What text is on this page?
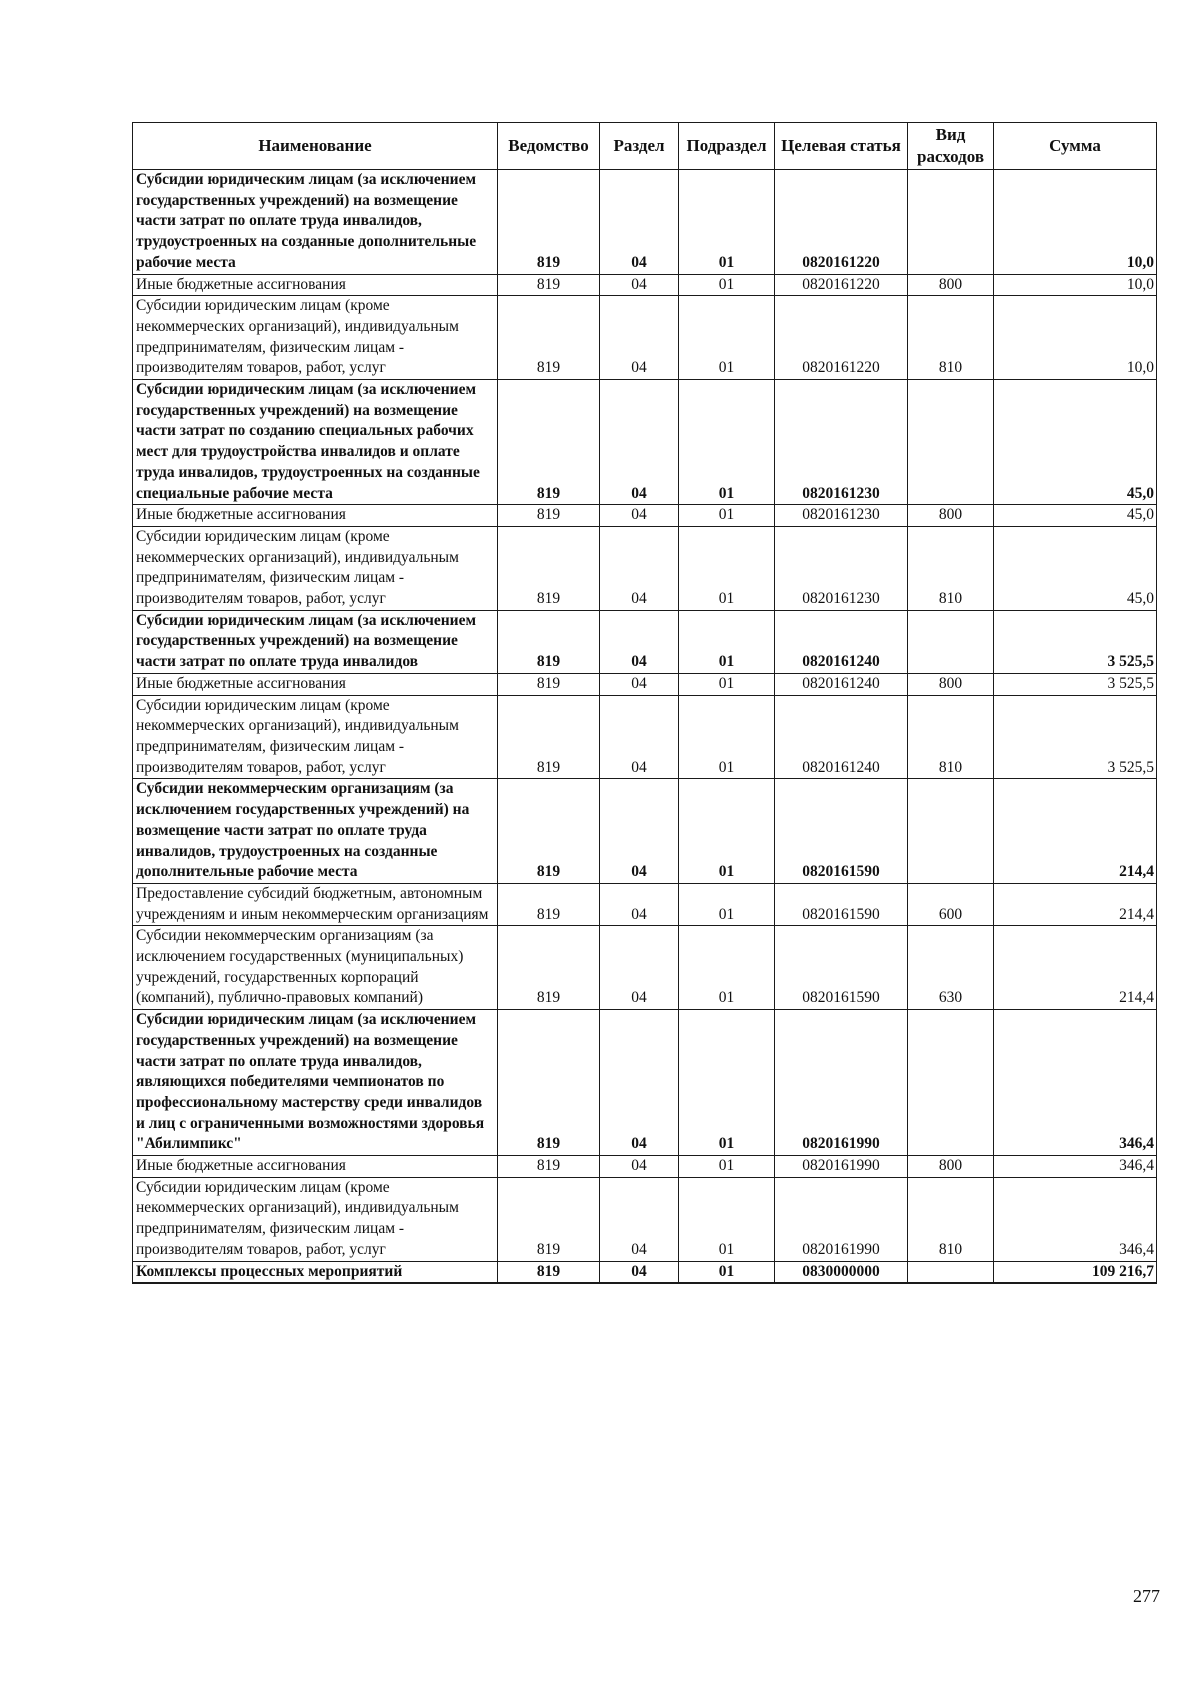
Наименование	Ведомство	Раздел	Подраздел	Целевая статья	Вид расходов	Сумма
Субсидии юридическим лицам (за исключением государственных учреждений) на возмещение части затрат по оплате труда инвалидов, трудоустроенных на созданные дополнительные рабочие места	819	04	01	0820161220		10,0
Иные бюджетные ассигнования	819	04	01	0820161220	800	10,0
Субсидии юридическим лицам (кроме некоммерческих организаций), индивидуальным предпринимателям, физическим лицам - производителям товаров, работ, услуг	819	04	01	0820161220	810	10,0
Субсидии юридическим лицам (за исключением государственных учреждений) на возмещение части затрат по созданию специальных рабочих мест для трудоустройства инвалидов и оплате труда инвалидов, трудоустроенных на созданные специальные рабочие места	819	04	01	0820161230		45,0
Иные бюджетные ассигнования	819	04	01	0820161230	800	45,0
Субсидии юридическим лицам (кроме некоммерческих организаций), индивидуальным предпринимателям, физическим лицам - производителям товаров, работ, услуг	819	04	01	0820161230	810	45,0
Субсидии юридическим лицам (за исключением государственных учреждений) на возмещение части затрат по оплате труда инвалидов	819	04	01	0820161240		3 525,5
Иные бюджетные ассигнования	819	04	01	0820161240	800	3 525,5
Субсидии юридическим лицам (кроме некоммерческих организаций), индивидуальным предпринимателям, физическим лицам - производителям товаров, работ, услуг	819	04	01	0820161240	810	3 525,5
Субсидии некоммерческим организациям (за исключением государственных учреждений) на возмещение части затрат по оплате труда инвалидов, трудоустроенных на созданные дополнительные рабочие места	819	04	01	0820161590		214,4
Предоставление субсидий бюджетным, автономным учреждениям и иным некоммерческим организациям	819	04	01	0820161590	600	214,4
Субсидии некоммерческим организациям (за исключением государственных (муниципальных) учреждений, государственных корпораций (компаний), публично-правовых компаний)	819	04	01	0820161590	630	214,4
Субсидии юридическим лицам (за исключением государственных учреждений) на возмещение части затрат по оплате труда инвалидов, являющихся победителями чемпионатов по профессиональному мастерству среди инвалидов и лиц с ограниченными возможностями здоровья "Абилимпикс"	819	04	01	0820161990		346,4
Иные бюджетные ассигнования	819	04	01	0820161990	800	346,4
Субсидии юридическим лицам (кроме некоммерческих организаций), индивидуальным предпринимателям, физическим лицам - производителям товаров, работ, услуг	819	04	01	0820161990	810	346,4
Комплексы процессных мероприятий	819	04	01	0830000000		109 216,7
277
